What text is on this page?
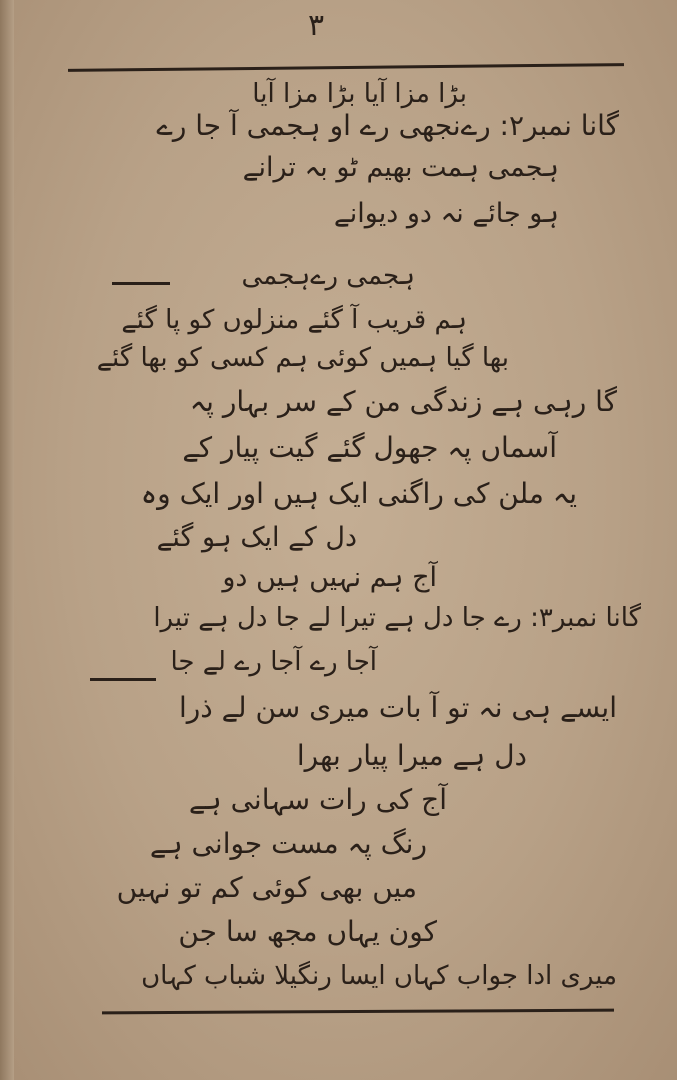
٣
بڑا مزا آیا بڑا مزا آیا
گانا نمبر۲: رےنجھی رے او ہجمی آ جا رے
ہجمی ہمت بھیم ٹو بہ ترانے
ہو جائے نہ دو دیوانے
ہجمی رےہجمی
ہم قریب آ گئے منزلوں کو پا گئے
بھا گیا ہمیں کوئی ہم کسی کو بھا گئے
گا رہی ہے زندگی من کے سر بہار پہ
آسماں پہ جھول گئے گیت پیار کے
یہ ملن کی راگنی ایک ہیں اور ایک وہ
دل کے ایک ہو گئے
آج ہم نہیں ہیں دو
گانا نمبر۳: رے جا دل ہے تیرا لے جا دل ہے تیرا
آجا رے آجا رے لے جا
ایسے ہی نہ تو آ بات میری سن لے ذرا
دل ہے میرا پیار بھرا
آج کی رات سہانی ہے
رنگ پہ مست جوانی ہے
میں بھی کوئی کم تو نہیں
کون یہاں مجھ سا جن
میری ادا جواب کہاں ایسا رنگیلا شباب کہاں
